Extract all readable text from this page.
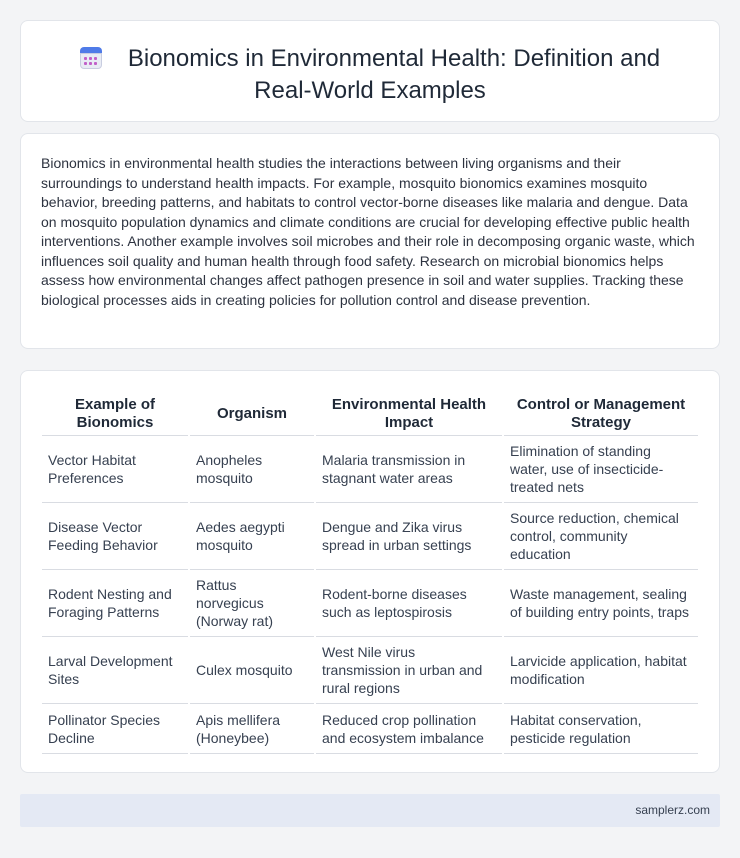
Bionomics in Environmental Health: Definition and Real-World Examples

Bionomics in environmental health studies the interactions between living organisms and their surroundings to understand health impacts. For example, mosquito bionomics examines mosquito behavior, breeding patterns, and habitats to control vector-borne diseases like malaria and dengue. Data on mosquito population dynamics and climate conditions are crucial for developing effective public health interventions. Another example involves soil microbes and their role in decomposing organic waste, which influences soil quality and human health through food safety. Research on microbial bionomics helps assess how environmental changes affect pathogen presence in soil and water supplies. Tracking these biological processes aids in creating policies for pollution control and disease prevention.

Example of Bionomics	Organism	Environmental Health Impact	Control or Management Strategy
Vector Habitat Preferences	Anopheles mosquito	Malaria transmission in stagnant water areas	Elimination of standing water, use of insecticide-treated nets
Disease Vector Feeding Behavior	Aedes aegypti mosquito	Dengue and Zika virus spread in urban settings	Source reduction, chemical control, community education
Rodent Nesting and Foraging Patterns	Rattus norvegicus (Norway rat)	Rodent-borne diseases such as leptospirosis	Waste management, sealing of building entry points, traps
Larval Development Sites	Culex mosquito	West Nile virus transmission in urban and rural regions	Larvicide application, habitat modification
Pollinator Species Decline	Apis mellifera (Honeybee)	Reduced crop pollination and ecosystem imbalance	Habitat conservation, pesticide regulation
samplerz.com
